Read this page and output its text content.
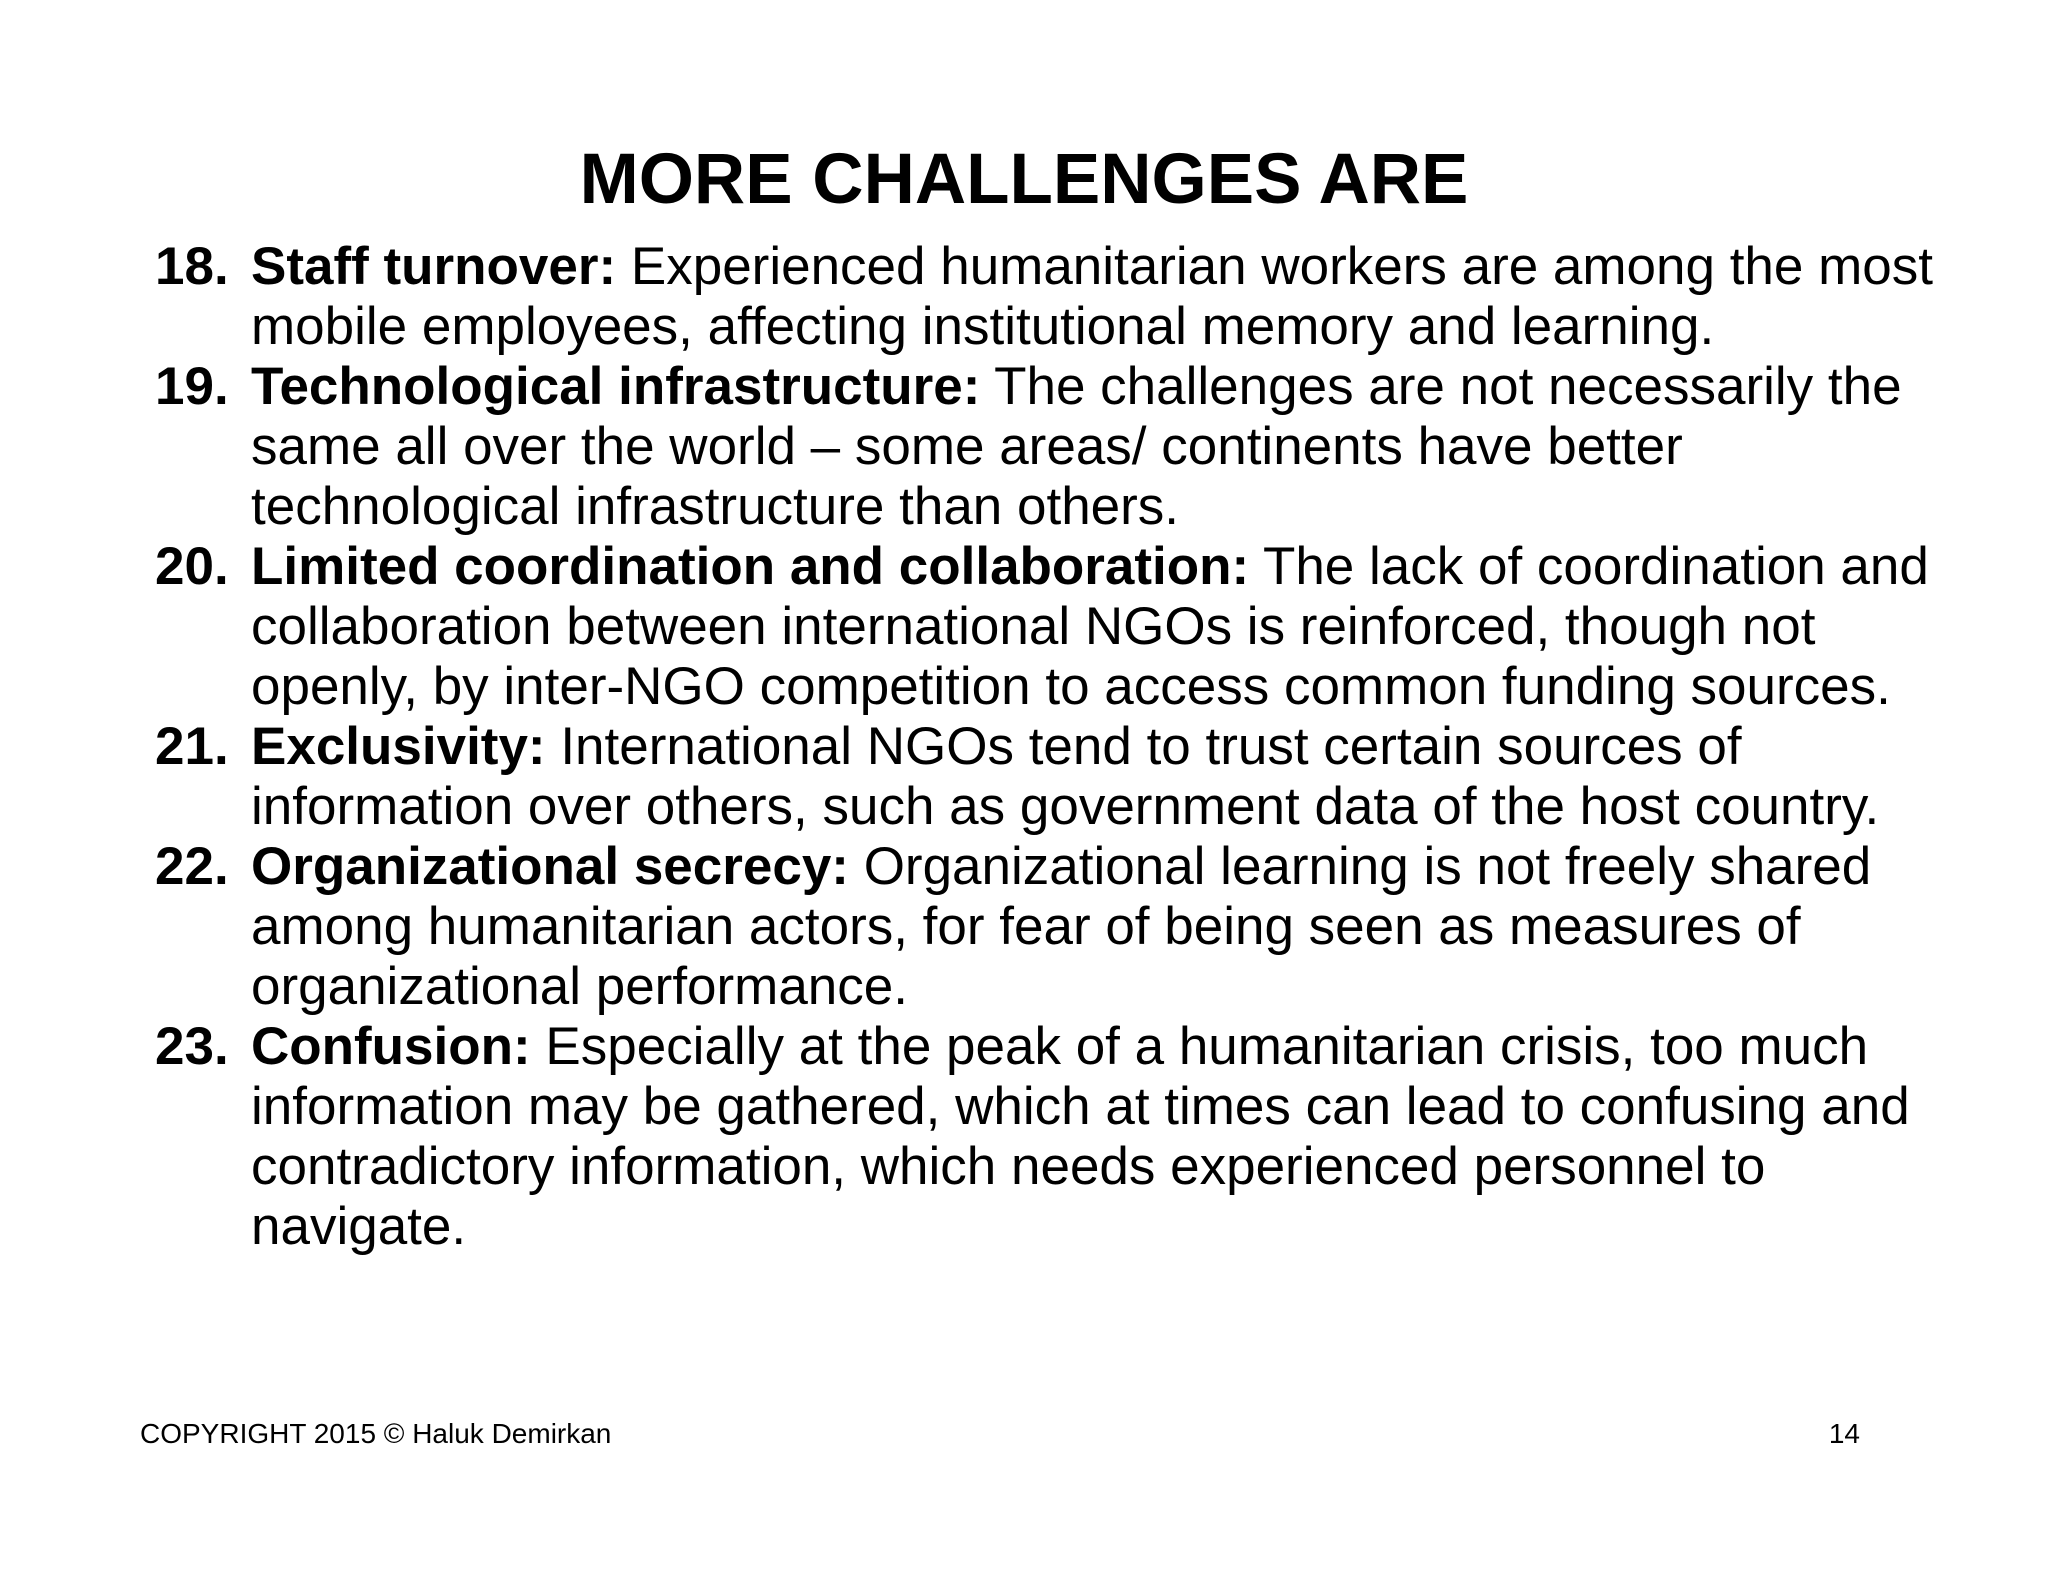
MORE CHALLENGES ARE
18. Staff turnover: Experienced humanitarian workers are among the most mobile employees, affecting institutional memory and learning.
19. Technological infrastructure: The challenges are not necessarily the same all over the world – some areas/ continents have better technological infrastructure than others.
20. Limited coordination and collaboration: The lack of coordination and collaboration between international NGOs is reinforced, though not openly, by inter-NGO competition to access common funding sources.
21. Exclusivity: International NGOs tend to trust certain sources of information over others, such as government data of the host country.
22. Organizational secrecy: Organizational learning is not freely shared among humanitarian actors, for fear of being seen as measures of organizational performance.
23. Confusion: Especially at the peak of a humanitarian crisis, too much information may be gathered, which at times can lead to confusing and contradictory information, which needs experienced personnel to navigate.
COPYRIGHT 2015 © Haluk Demirkan	14
